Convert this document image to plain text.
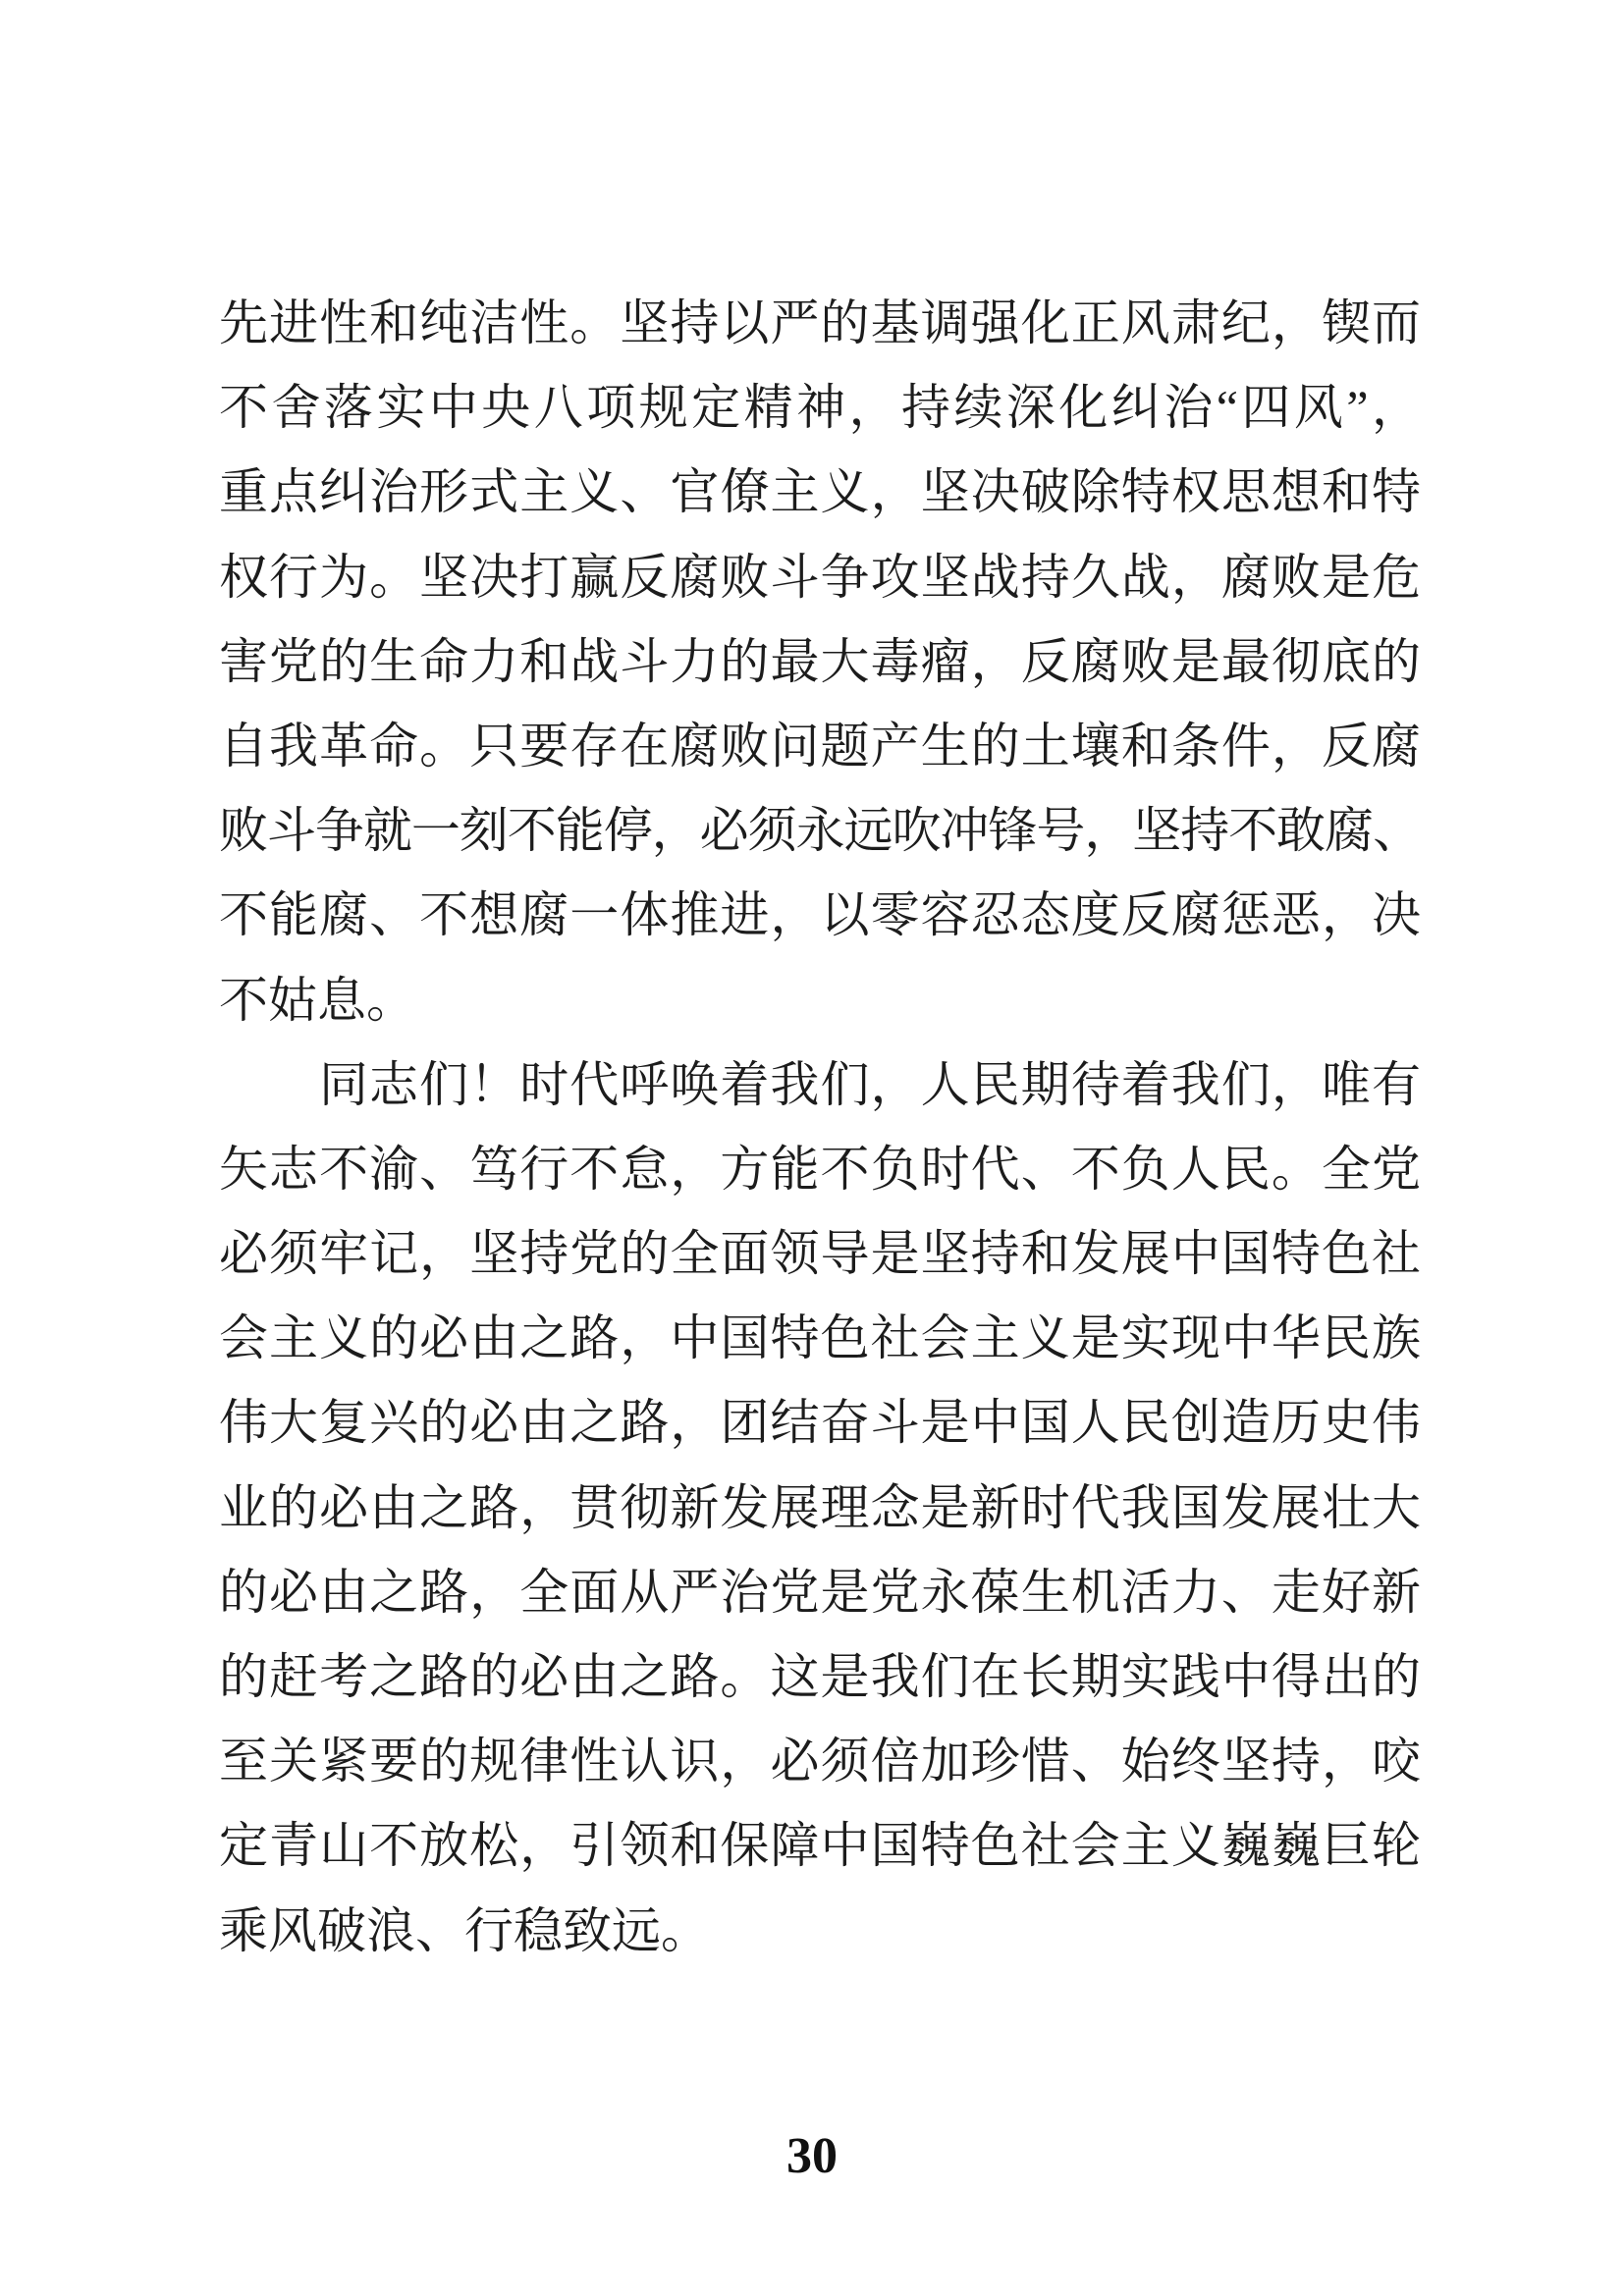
先进性和纯洁性。坚持以严的基调强化正风肃纪，锲而
不舍落实中央八项规定精神，持续深化纠治“四风”，
重点纠治形式主义、官僚主义，坚决破除特权思想和特
权行为。坚决打赢反腐败斗争攻坚战持久战，腐败是危
害党的生命力和战斗力的最大毒瘤，反腐败是最彻底的
自我革命。只要存在腐败问题产生的土壤和条件，反腐
败斗争就一刻不能停，必须永远吹冲锋号，坚持不敢腐、
不能腐、不想腐一体推进，以零容忍态度反腐惩恶，决
不姑息。
同志们！时代呼唤着我们，人民期待着我们，唯有
矢志不渝、笃行不怠，方能不负时代、不负人民。全党
必须牢记，坚持党的全面领导是坚持和发展中国特色社
会主义的必由之路，中国特色社会主义是实现中华民族
伟大复兴的必由之路，团结奋斗是中国人民创造历史伟
业的必由之路，贯彻新发展理念是新时代我国发展壮大
的必由之路，全面从严治党是党永葆生机活力、走好新
的赶考之路的必由之路。这是我们在长期实践中得出的
至关紧要的规律性认识，必须倍加珍惜、始终坚持，咬
定青山不放松，引领和保障中国特色社会主义巍巍巨轮
乘风破浪、行稳致远。
30
